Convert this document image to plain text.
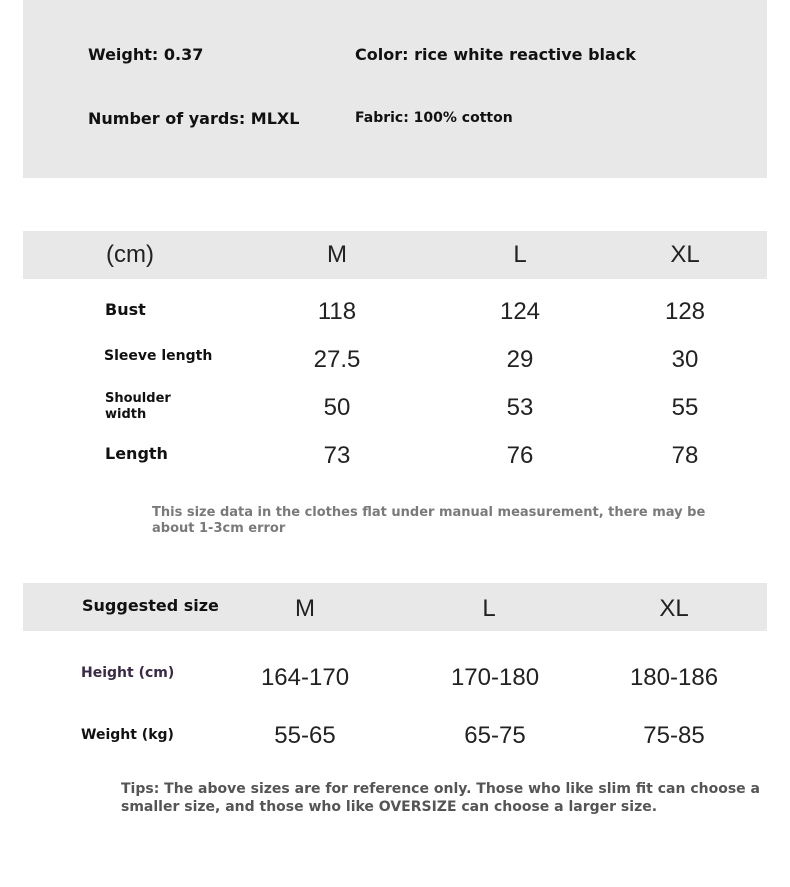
Weight: 0.37	Color: rice white reactive black
Number of yards: MLXL	Fabric: 100% cotton
(cm)	M	L	XL
Bust	118	124	128
Sleeve length	27.5	29	30
Shoulder
width	50	53	55
Length	73	76	78
This size data in the clothes flat under manual measurement, there may be
about 1-3cm error
Suggested size	M	L	XL
Height (cm)	164-170	170-180	180-186
Weight (kg)	55-65	65-75	75-85
Tips: The above sizes are for reference only. Those who like slim fit can choose a
smaller size, and those who like OVERSIZE can choose a larger size.
